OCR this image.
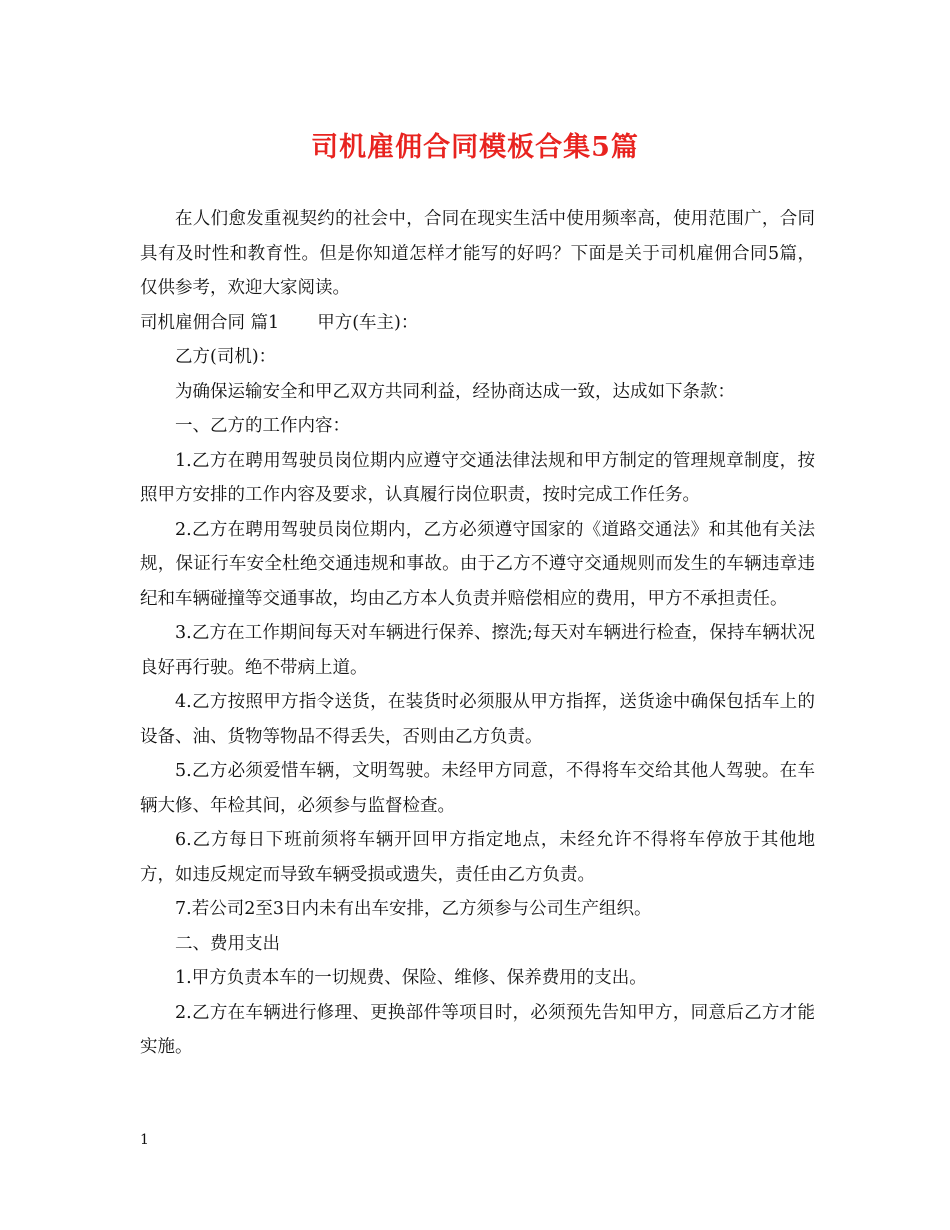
司机雇佣合同模板合集5篇

在人们愈发重视契约的社会中，合同在现实生活中使用频率高，使用范围广，合同具有及时性和教育性。但是你知道怎样才能写的好吗？下面是关于司机雇佣合同5篇，仅供参考，欢迎大家阅读。

司机雇佣合同 篇1 甲方(车主)：

乙方(司机)：

为确保运输安全和甲乙双方共同利益，经协商达成一致，达成如下条款：

一、乙方的工作内容：

1.乙方在聘用驾驶员岗位期内应遵守交通法律法规和甲方制定的管理规章制度，按照甲方安排的工作内容及要求，认真履行岗位职责，按时完成工作任务。

2.乙方在聘用驾驶员岗位期内，乙方必须遵守国家的《道路交通法》和其他有关法规，保证行车安全杜绝交通违规和事故。由于乙方不遵守交通规则而发生的车辆违章违纪和车辆碰撞等交通事故，均由乙方本人负责并赔偿相应的费用，甲方不承担责任。

3.乙方在工作期间每天对车辆进行保养、擦洗;每天对车辆进行检查，保持车辆状况良好再行驶。绝不带病上道。

4.乙方按照甲方指令送货，在装货时必须服从甲方指挥，送货途中确保包括车上的设备、油、货物等物品不得丢失，否则由乙方负责。

5.乙方必须爱惜车辆，文明驾驶。未经甲方同意，不得将车交给其他人驾驶。在车辆大修、年检其间，必须参与监督检查。

6.乙方每日下班前须将车辆开回甲方指定地点，未经允许不得将车停放于其他地方，如违反规定而导致车辆受损或遗失，责任由乙方负责。

7.若公司2至3日内未有出车安排，乙方须参与公司生产组织。

二、费用支出

1.甲方负责本车的一切规费、保险、维修、保养费用的支出。

2.乙方在车辆进行修理、更换部件等项目时，必须预先告知甲方，同意后乙方才能实施。

1
